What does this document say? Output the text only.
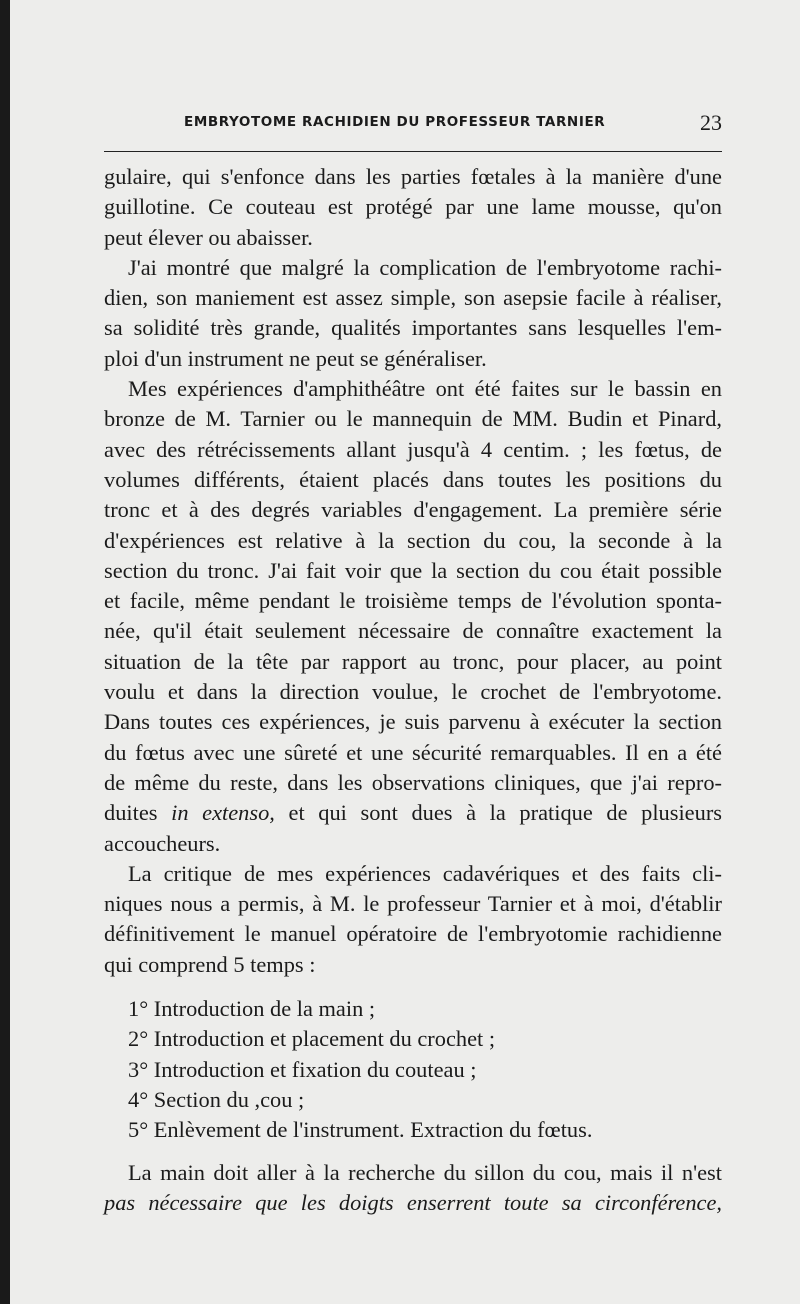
EMBRYOTOME RACHIDIEN DU PROFESSEUR TARNIER	23
gulaire, qui s'enfonce dans les parties fœtales à la manière d'une
guillotine. Ce couteau est protégé par une lame mousse, qu'on
peut élever ou abaisser.
J'ai montré que malgré la complication de l'embryotome rachi-
dien, son maniement est assez simple, son asepsie facile à réaliser,
sa solidité très grande, qualités importantes sans lesquelles l'em-
ploi d'un instrument ne peut se généraliser.
Mes expériences d'amphithéâtre ont été faites sur le bassin en
bronze de M. Tarnier ou le mannequin de MM. Budin et Pinard,
avec des rétrécissements allant jusqu'à 4 centim. ; les fœtus, de
volumes différents, étaient placés dans toutes les positions du
tronc et à des degrés variables d'engagement. La première série
d'expériences est relative à la section du cou, la seconde à la
section du tronc. J'ai fait voir que la section du cou était possible
et facile, même pendant le troisième temps de l'évolution sponta-
née, qu'il était seulement nécessaire de connaître exactement la
situation de la tête par rapport au tronc, pour placer, au point
voulu et dans la direction voulue, le crochet de l'embryotome.
Dans toutes ces expériences, je suis parvenu à exécuter la section
du fœtus avec une sûreté et une sécurité remarquables. Il en a été
de même du reste, dans les observations cliniques, que j'ai repro-
duites in extenso, et qui sont dues à la pratique de plusieurs
accoucheurs.
La critique de mes expériences cadavériques et des faits cli-
niques nous a permis, à M. le professeur Tarnier et à moi, d'établir
définitivement le manuel opératoire de l'embryotomie rachidienne
qui comprend 5 temps :
1° Introduction de la main ;
2° Introduction et placement du crochet ;
3° Introduction et fixation du couteau ;
4° Section du ,cou ;
5° Enlèvement de l'instrument. Extraction du fœtus.
La main doit aller à la recherche du sillon du cou, mais il n'est
pas nécessaire que les doigts enserrent toute sa circonférence,
